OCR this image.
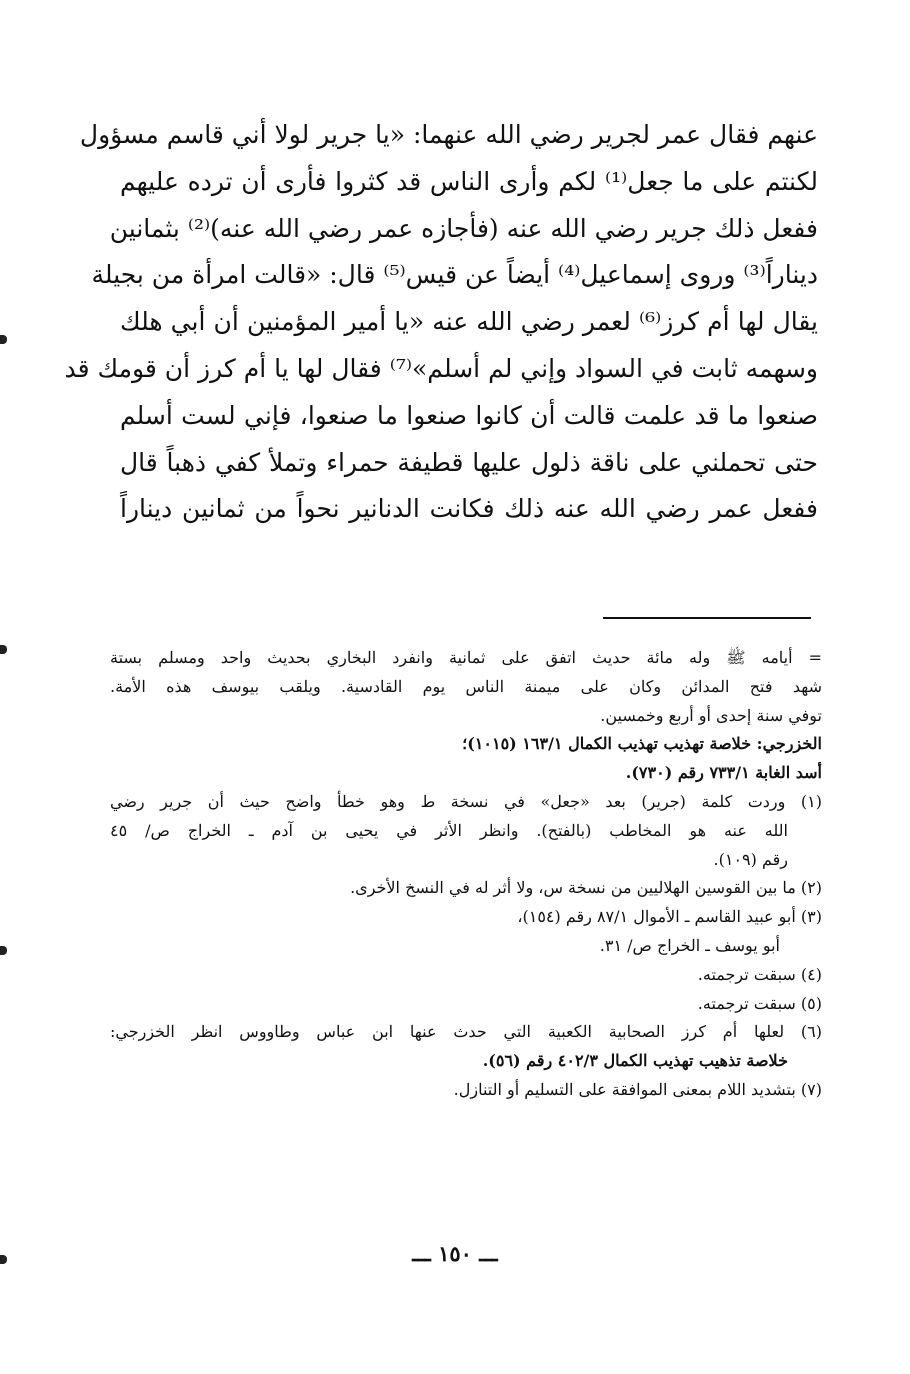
عنهم فقال عمر لجرير رضي الله عنهما: «يا جرير لولا أني قاسم مسؤول
لكنتم على ما جعل⁽¹⁾ لكم وأرى الناس قد كثروا فأرى أن ترده عليهم
ففعل ذلك جرير رضي الله عنه (فأجازه عمر رضي الله عنه)⁽²⁾ بثمانين
ديناراً⁽³⁾ وروى إسماعيل⁽⁴⁾ أيضاً عن قيس⁽⁵⁾ قال: «قالت امرأة من بجيلة
يقال لها أم كرز⁽⁶⁾ لعمر رضي الله عنه «يا أمير المؤمنين أن أبي هلك
وسهمه ثابت في السواد وإني لم أسلم»⁽⁷⁾ فقال لها يا أم كرز أن قومك قد
صنعوا ما قد علمت قالت أن كانوا صنعوا ما صنعوا، فإني لست أسلم
حتى تحملني على ناقة ذلول عليها قطيفة حمراء وتملأ كفي ذهباً قال
ففعل عمر رضي الله عنه ذلك فكانت الدنانير نحواً من ثمانين ديناراً
= أيامه ﷺ وله مائة حديث اتفق على ثمانية وانفرد البخاري بحديث واحد ومسلم بستة
شهد فتح المدائن وكان على ميمنة الناس يوم القادسية. ويلقب بيوسف هذه الأمة.
توفي سنة إحدى أو أربع وخمسين.
الخزرجي: خلاصة تهذيب تهذيب الكمال ١٦٣/١ (١٠١٥)؛
أسد الغابة ٧٣٣/١ رقم (٧٣٠).
(١) وردت كلمة (جرير) بعد «جعل» في نسخة ط وهو خطأ واضح حيث أن جرير رضي
الله عنه هو المخاطب (بالفتح). وانظر الأثر في يحيى بن آدم ـ الخراج ص/ ٤٥
رقم (١٠٩).
(٢) ما بين القوسين الهلاليين من نسخة س، ولا أثر له في النسخ الأخرى.
(٣) أبو عبيد القاسم ـ الأموال ٨٧/١ رقم (١٥٤)،
أبو يوسف ـ الخراج ص/ ٣١.
(٤) سبقت ترجمته.
(٥) سبقت ترجمته.
(٦) لعلها أم كرز الصحابية الكعبية التي حدث عنها ابن عباس وطاووس انظر الخزرجي:
خلاصة تذهيب تهذيب الكمال ٤٠٢/٣ رقم (٥٦).
(٧) بتشديد اللام بمعنى الموافقة على التسليم أو التنازل.
ـــ ١٥٠ ـــ
